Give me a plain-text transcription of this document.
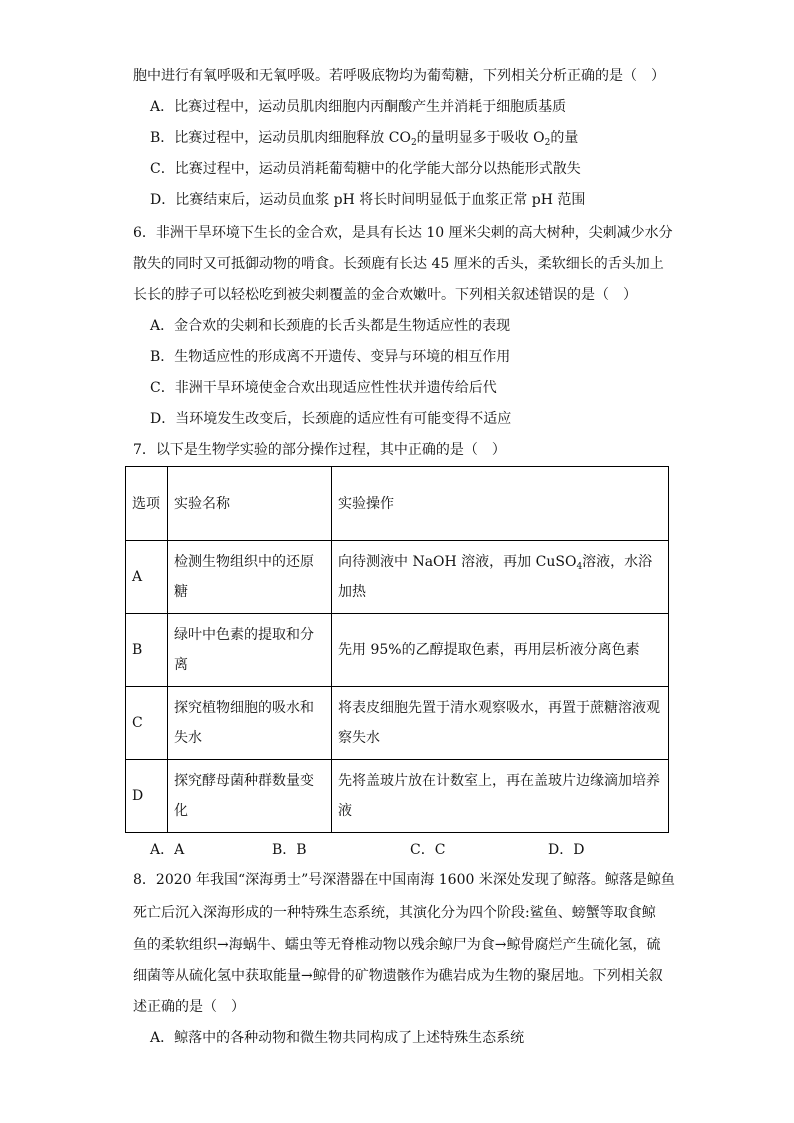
胞中进行有氧呼吸和无氧呼吸。若呼吸底物均为葡萄糖，下列相关分析正确的是（　）
A．比赛过程中，运动员肌肉细胞内丙酮酸产生并消耗于细胞质基质
B．比赛过程中，运动员肌肉细胞释放 $CO_2$的量明显多于吸收 $O_2$的量
C．比赛过程中，运动员消耗葡萄糖中的化学能大部分以热能形式散失
D．比赛结束后，运动员血浆 pH 将长时间明显低于血浆正常 pH 范围
6．非洲干旱环境下生长的金合欢，是具有长达 10 厘米尖刺的高大树种，尖刺减少水分
散失的同时又可抵御动物的啃食。长颈鹿有长达 45 厘米的舌头，柔软细长的舌头加上
长长的脖子可以轻松吃到被尖刺覆盖的金合欢嫩叶。下列相关叙述错误的是（　）
A．金合欢的尖刺和长颈鹿的长舌头都是生物适应性的表现
B．生物适应性的形成离不开遗传、变异与环境的相互作用
C．非洲干旱环境使金合欢出现适应性性状并遗传给后代
D．当环境发生改变后，长颈鹿的适应性有可能变得不适应
7．以下是生物学实验的部分操作过程，其中正确的是（　）
选项	实验名称	实验操作
A	检测生物组织中的还原糖	向待测液中 NaOH 溶液，再加 CuSO$_4$溶液，水浴加热
B	绿叶中色素的提取和分离	先用 95%的乙醇提取色素，再用层析液分离色素
C	探究植物细胞的吸水和失水	将表皮细胞先置于清水观察吸水，再置于蔗糖溶液观察失水
D	探究酵母菌种群数量变化	先将盖玻片放在计数室上，再在盖玻片边缘滴加培养液
A．A	B．B	C．C	D．D
8．2020 年我国“深海勇士”号深潜器在中国南海 1600 米深处发现了鲸落。鲸落是鲸鱼
死亡后沉入深海形成的一种特殊生态系统，其演化分为四个阶段:鲨鱼、螃蟹等取食鲸
鱼的柔软组织→海蜗牛、蠕虫等无脊椎动物以残余鲸尸为食→鲸骨腐烂产生硫化氢，硫
细菌等从硫化氢中获取能量→鲸骨的矿物遗骸作为礁岩成为生物的聚居地。下列相关叙
述正确的是（　）
A．鲸落中的各种动物和微生物共同构成了上述特殊生态系统
